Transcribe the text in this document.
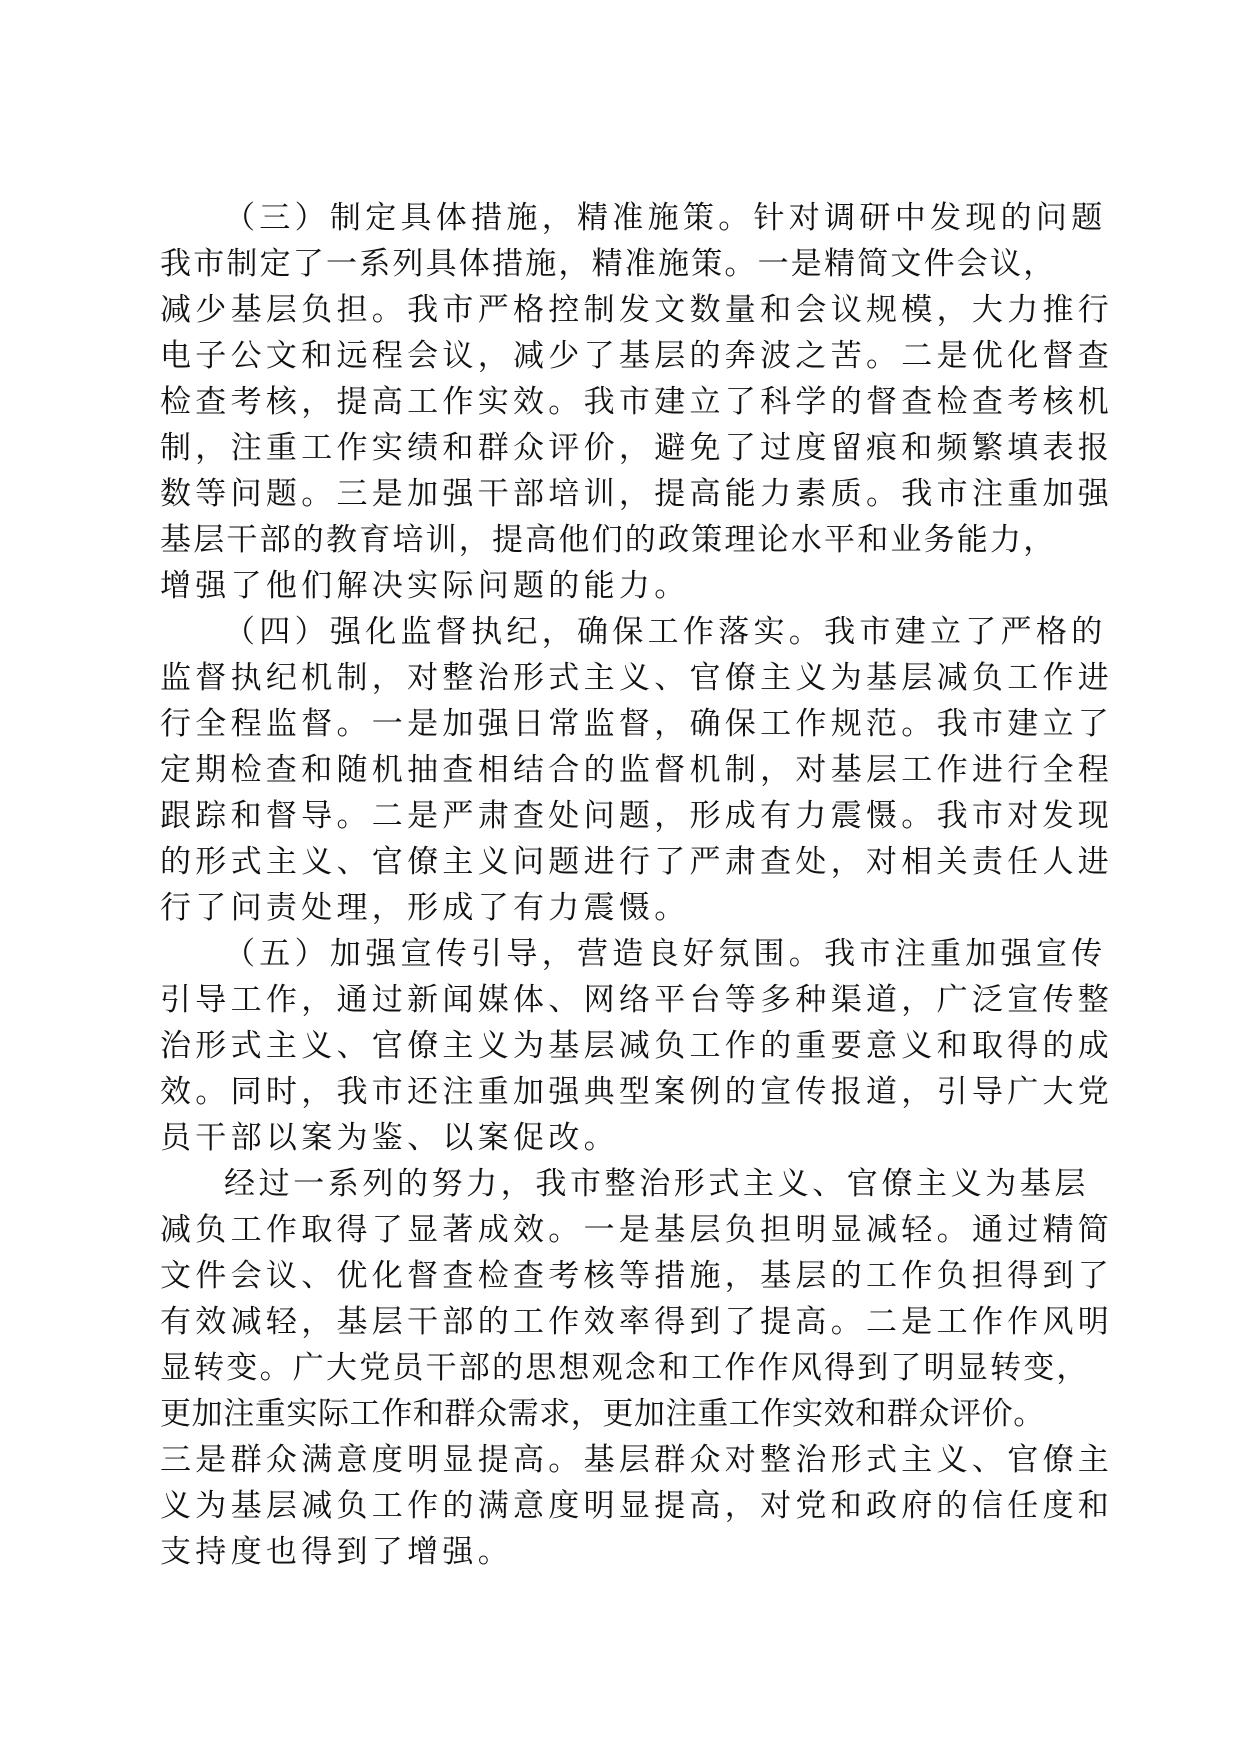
（三）制定具体措施，精准施策。针对调研中发现的问题
我市制定了一系列具体措施，精准施策。一是精简文件会议，
减少基层负担。我市严格控制发文数量和会议规模，大力推行
电子公文和远程会议，减少了基层的奔波之苦。二是优化督查
检查考核，提高工作实效。我市建立了科学的督查检查考核机
制，注重工作实绩和群众评价，避免了过度留痕和频繁填表报
数等问题。三是加强干部培训，提高能力素质。我市注重加强
基层干部的教育培训，提高他们的政策理论水平和业务能力，
增强了他们解决实际问题的能力。
（四）强化监督执纪，确保工作落实。我市建立了严格的
监督执纪机制，对整治形式主义、官僚主义为基层减负工作进
行全程监督。一是加强日常监督，确保工作规范。我市建立了
定期检查和随机抽查相结合的监督机制，对基层工作进行全程
跟踪和督导。二是严肃查处问题，形成有力震慑。我市对发现
的形式主义、官僚主义问题进行了严肃查处，对相关责任人进
行了问责处理，形成了有力震慑。
（五）加强宣传引导，营造良好氛围。我市注重加强宣传
引导工作，通过新闻媒体、网络平台等多种渠道，广泛宣传整
治形式主义、官僚主义为基层减负工作的重要意义和取得的成
效。同时，我市还注重加强典型案例的宣传报道，引导广大党
员干部以案为鉴、以案促改。
经过一系列的努力，我市整治形式主义、官僚主义为基层
减负工作取得了显著成效。一是基层负担明显减轻。通过精简
文件会议、优化督查检查考核等措施，基层的工作负担得到了
有效减轻，基层干部的工作效率得到了提高。二是工作作风明
显转变。广大党员干部的思想观念和工作作风得到了明显转变，
更加注重实际工作和群众需求，更加注重工作实效和群众评价。
三是群众满意度明显提高。基层群众对整治形式主义、官僚主
义为基层减负工作的满意度明显提高，对党和政府的信任度和
支持度也得到了增强。
